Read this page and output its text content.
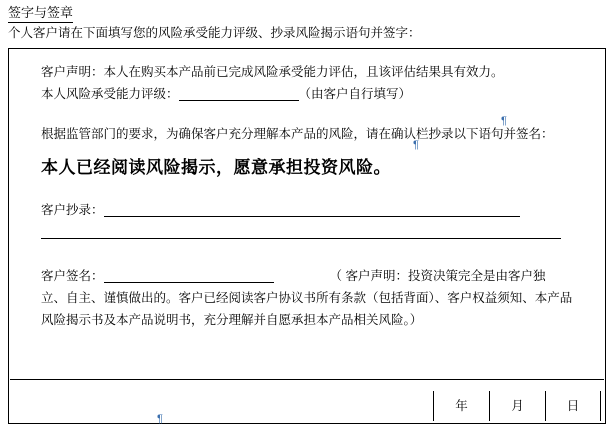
签字与签章
个人客户请在下面填写您的风险承受能力评级、抄录风险揭示语句并签字：
¶
¶
¶
客户声明：本人在购买本产品前已完成风险承受能力评估，且该评估结果具有效力。
本人风险承受能力评级：	（由客户自行填写）
根据监管部门的要求，为确保客户充分理解本产品的风险，请在确认栏抄录以下语句并签名：
本人已经阅读风险揭示，愿意承担投资风险。
客户抄录：
客户签名：	（ 客户声明：投资决策完全是由客户独
立、自主、谨慎做出的。客户已经阅读客户协议书所有条款（包括背面）、客户权益须知、本产品风险揭示书及本产品说明书，充分理解并自愿承担本产品相关风险。）
年	月	日
